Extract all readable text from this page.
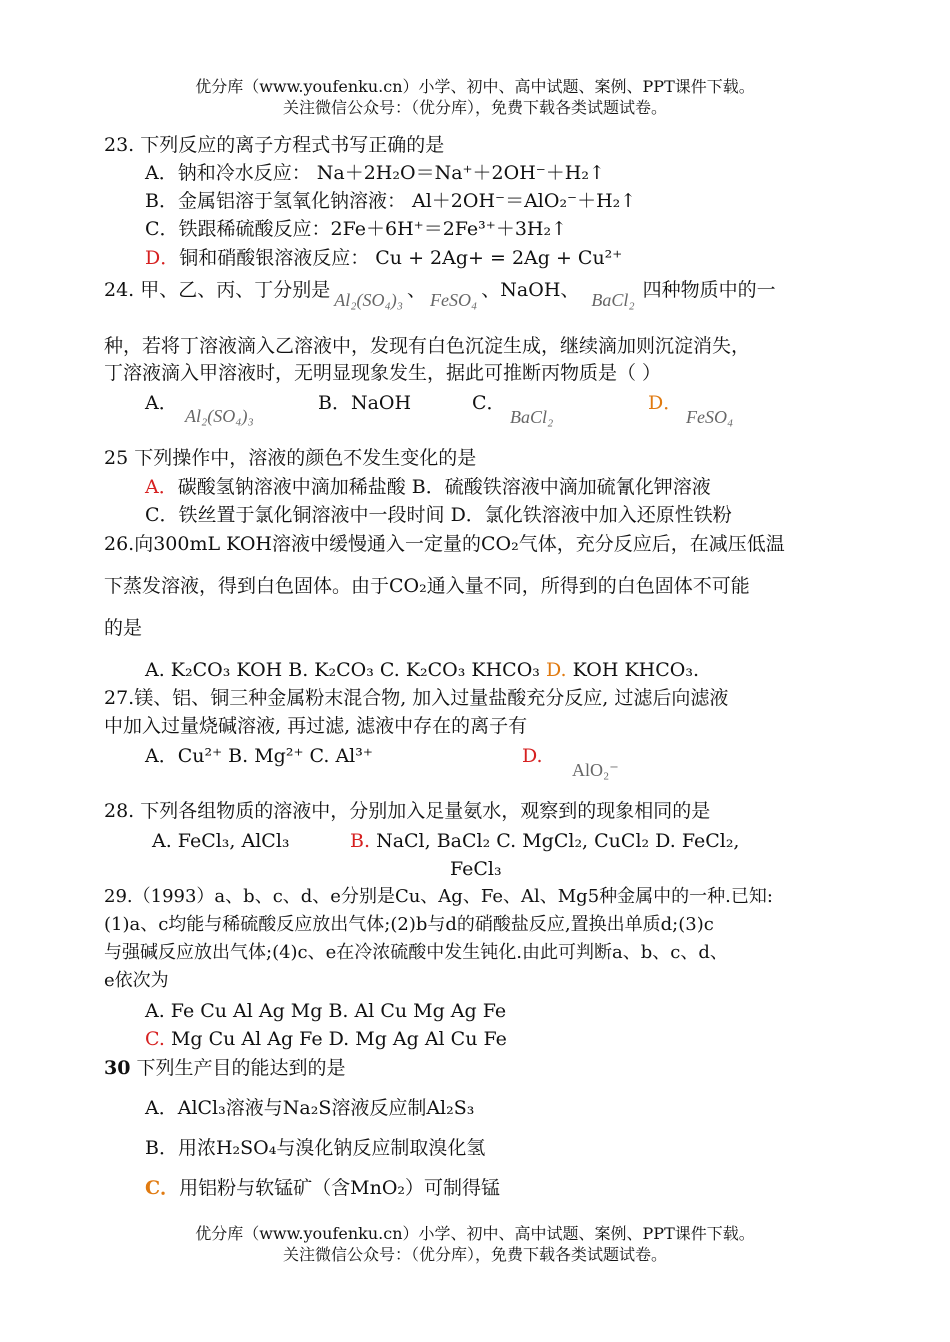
优分库（www.youfenku.cn）小学、初中、高中试题、案例、PPT课件下载。
关注微信公众号：（优分库），免费下载各类试题试卷。
23. 下列反应的离子方程式书写正确的是
A．钠和冷水反应： Na＋2H₂O＝Na⁺＋2OH⁻＋H₂↑
B．金属铝溶于氢氧化钠溶液： Al＋2OH⁻＝AlO₂⁻＋H₂↑
C．铁跟稀硫酸反应：2Fe＋6H⁺＝2Fe³⁺＋3H₂↑
D．铜和硝酸银溶液反应： Cu + 2Ag+ = 2Ag + Cu²⁺
24. 甲、乙、丙、丁分别是 Al₂(SO₄)₃ 、 FeSO₄ 、NaOH、 BaCl₂ 四种物质中的一
种，若将丁溶液滴入乙溶液中，发现有白色沉淀生成，继续滴加则沉淀消失，
丁溶液滴入甲溶液时，无明显现象发生，据此可推断丙物质是（ ）
A．
Al₂(SO₄)₃
B．NaOH	C．
BaCl₂
D．
FeSO₄
25 下列操作中，溶液的颜色不发生变化的是
A．碳酸氢钠溶液中滴加稀盐酸 B．硫酸铁溶液中滴加硫氰化钾溶液
C．铁丝置于氯化铜溶液中一段时间 D．氯化铁溶液中加入还原性铁粉
26.向300mL KOH溶液中缓慢通入一定量的CO₂气体，充分反应后，在减压低温
下蒸发溶液，得到白色固体。由于CO₂通入量不同，所得到的白色固体不可能
的是
A. K₂CO₃ KOH B. K₂CO₃ C. K₂CO₃ KHCO₃ D. KOH KHCO₃.
27.镁、铝、铜三种金属粉末混合物, 加入过量盐酸充分反应, 过滤后向滤液
中加入过量烧碱溶液, 再过滤, 滤液中存在的离子有
A．Cu²⁺ B. Mg²⁺ C. Al³⁺	D.
AlO₂⁻
28. 下列各组物质的溶液中，分别加入足量氨水，观察到的现象相同的是
A. FeCl₃, AlCl₃	B. NaCl, BaCl₂ C. MgCl₂, CuCl₂ D. FeCl₂,
FeCl₃
29.（1993）a、b、c、d、e分别是Cu、Ag、Fe、Al、Mg5种金属中的一种.已知:
(1)a、c均能与稀硫酸反应放出气体;(2)b与d的硝酸盐反应,置换出单质d;(3)c
与强碱反应放出气体;(4)c、e在冷浓硫酸中发生钝化.由此可判断a、b、c、d、
e依次为
A. Fe Cu Al Ag Mg B. Al Cu Mg Ag Fe
C. Mg Cu Al Ag Fe D. Mg Ag Al Cu Fe
30 下列生产目的能达到的是
A．AlCl₃溶液与Na₂S溶液反应制Al₂S₃
B．用浓H₂SO₄与溴化钠反应制取溴化氢
C．用铝粉与软锰矿（含MnO₂）可制得锰
优分库（www.youfenku.cn）小学、初中、高中试题、案例、PPT课件下载。
关注微信公众号：（优分库），免费下载各类试题试卷。
